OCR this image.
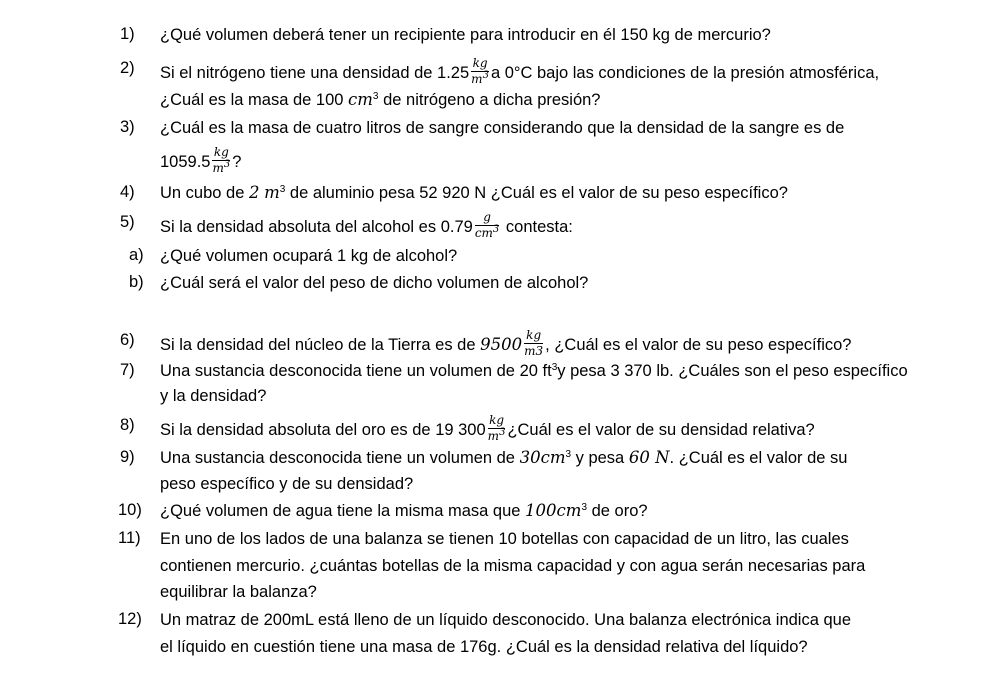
1) ¿Qué volumen deberá tener un recipiente para introducir en él 150 kg de mercurio?
2) Si el nitrógeno tiene una densidad de $1.25 \frac{kg}{m^3}$ a 0°C bajo las condiciones de la presión atmosférica,
¿Cuál es la masa de 100 $cm^3$ de nitrógeno a dicha presión?
3) ¿Cuál es la masa de cuatro litros de sangre considerando que la densidad de la sangre es de
$1059.5 \frac{kg}{m^3}$ ?
4) Un cubo de 2 $m^3$ de aluminio pesa 52 920 N ¿Cuál es el valor de su peso específico?
5) Si la densidad absoluta del alcohol es $0.79 \frac{g}{cm^3}$ contesta:
a) ¿Qué volumen ocupará 1 kg de alcohol?
b) ¿Cuál será el valor del peso de dicho volumen de alcohol?
6) Si la densidad del núcleo de la Tierra es de $9500 \frac{kg}{m3}$ , ¿Cuál es el valor de su peso específico?
7) Una sustancia desconocida tiene un volumen de 20 $ft^3y$ pesa 3 370 lb. ¿Cuáles son el peso específico
y la densidad?
8) Si la densidad absoluta del oro es de 19 $300 \frac{kg}{m^3}$ ¿Cuál es el valor de su densidad relativa?
9) Una sustancia desconocida tiene un volumen de $30cm^3$ y pesa 60 N. ¿Cuál es el valor de su
peso específico y de su densidad?
10) ¿Qué volumen de agua tiene la misma masa que $100cm^3$ de oro?
11) En uno de los lados de una balanza se tienen 10 botellas con capacidad de un litro, las cuales
contienen mercurio. ¿cuántas botellas de la misma capacidad y con agua serán necesarias para
equilibrar la balanza?
12) Un matraz de 200mL está lleno de un líquido desconocido. Una balanza electrónica indica que
el líquido en cuestión tiene una masa de 176g. ¿Cuál es la densidad relativa del líquido?
